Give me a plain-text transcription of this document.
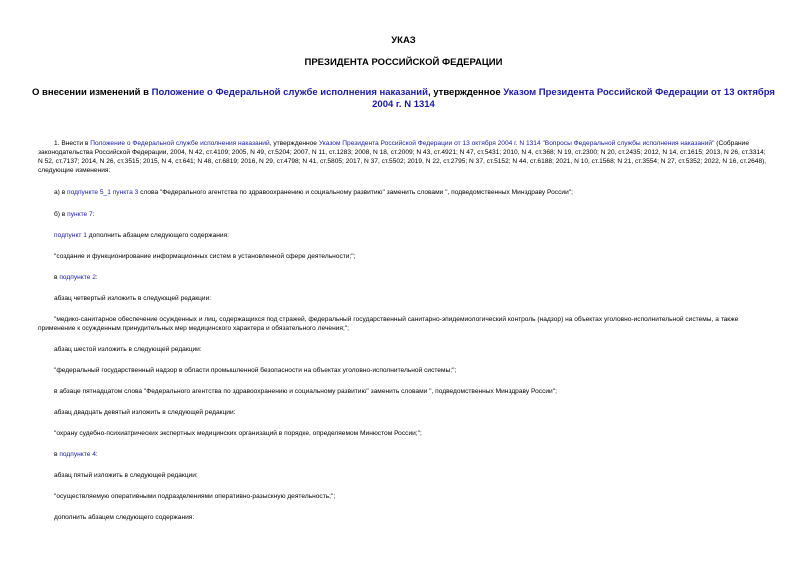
УКАЗ
ПРЕЗИДЕНТА РОССИЙСКОЙ ФЕДЕРАЦИИ
О внесении изменений в Положение о Федеральной службе исполнения наказаний, утвержденное Указом Президента Российской Федерации от 13 октября 2004 г. N 1314
1. Внести в Положение о Федеральной службе исполнения наказаний, утвержденное Указом Президента Российской Федерации от 13 октября 2004 г. N 1314 "Вопросы Федеральной службы исполнения наказаний" (Собрание законодательства Российской Федерации, 2004, N 42, ст.4109; 2005, N 49, ст.5204; 2007, N 11, ст.1283; 2008, N 18, ст.2009; N 43, ст.4921; N 47, ст.5431; 2010, N 4, ст.368; N 19, ст.2300; N 20, ст.2435; 2012, N 14, ст.1615; 2013, N 26, ст.3314; N 52, ст.7137; 2014, N 26, ст.3515; 2015, N 4, ст.641; N 48, ст.6819; 2016, N 29, ст.4798; N 41, ст.5805; 2017, N 37, ст.5502; 2019, N 22, ст.2795; N 37, ст.5152; N 44, ст.6188; 2021, N 10, ст.1568; N 21, ст.3554; N 27, ст.5352; 2022, N 16, ст.2648), следующие изменения:
а) в подпункте 5_1 пункта 3 слова "Федерального агентства по здравоохранению и социальному развитию" заменить словами ", подведомственных Минздраву России";
б) в пункте 7:
подпункт 1 дополнить абзацем следующего содержания:
"создание и функционирование информационных систем в установленной сфере деятельности;";
в подпункте 2:
абзац четвертый изложить в следующей редакции:
"медико-санитарное обеспечение осужденных и лиц, содержащихся под стражей, федеральный государственный санитарно-эпидемиологический контроль (надзор) на объектах уголовно-исполнительной системы, а также применение к осужденным принудительных мер медицинского характера и обязательного лечения;";
абзац шестой изложить в следующей редакции:
"федеральный государственный надзор в области промышленной безопасности на объектах уголовно-исполнительной системы;";
в абзаце пятнадцатом слова "Федерального агентства по здравоохранению и социальному развитию" заменить словами ", подведомственных Минздраву России";
абзац двадцать девятый изложить в следующей редакции:
"охрану судебно-психиатрических экспертных медицинских организаций в порядке, определяемом Минюстом России;";
в подпункте 4:
абзац пятый изложить в следующей редакции:
"осуществляемую оперативными подразделениями оперативно-разыскную деятельность;";
дополнить абзацем следующего содержания:
